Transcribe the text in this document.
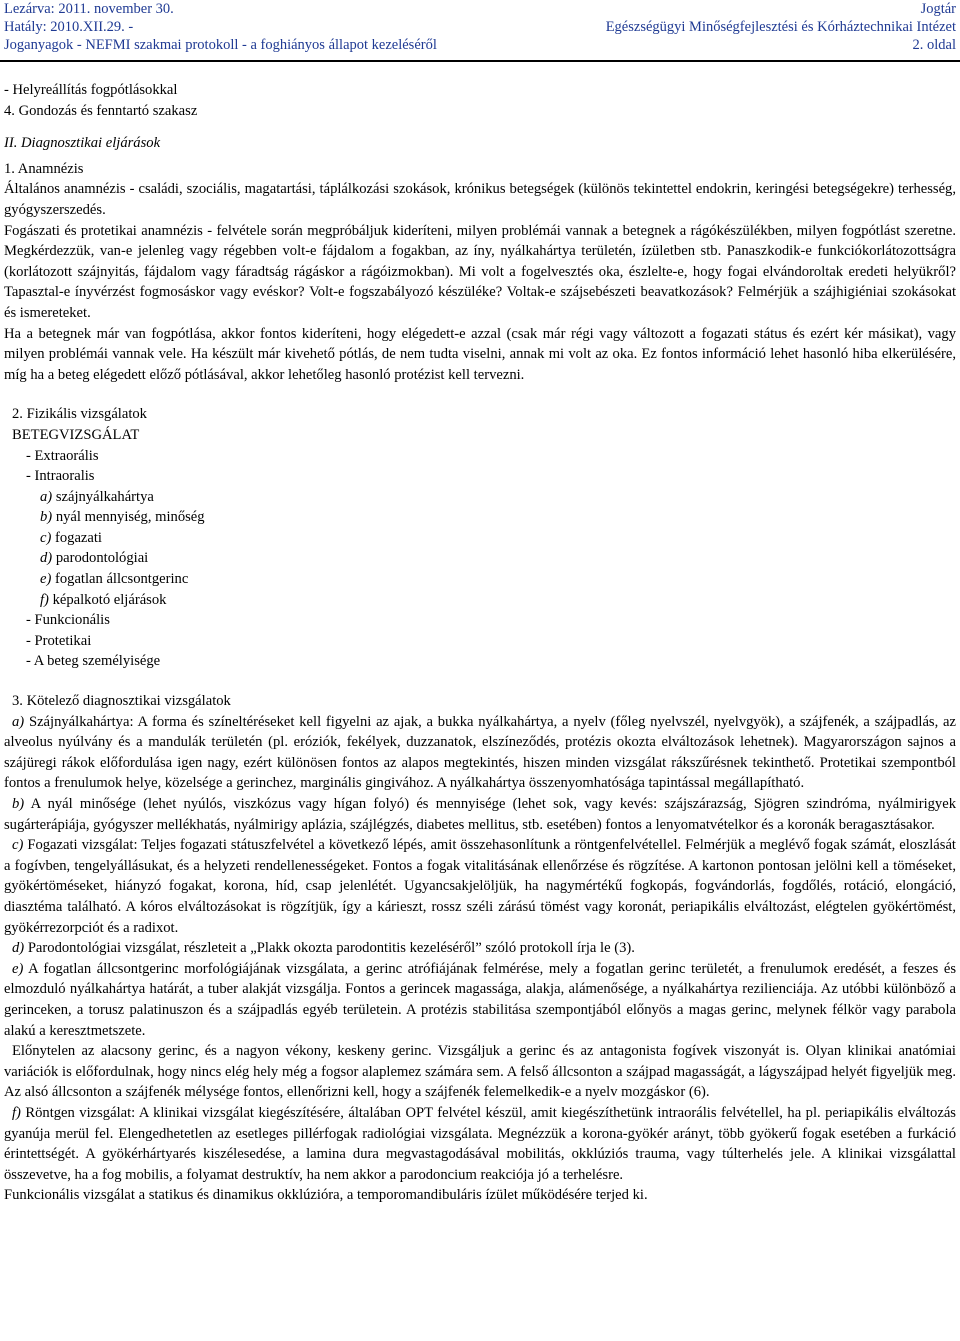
Lezárva: 2011. november 30.
Hatály: 2010.XII.29. -
Joganyagok - NEFMI szakmai protokoll - a foghiányos állapot kezeléséről
Jogtár
Egészségügyi Minőségfejlesztési és Kórháztechnikai Intézet
2. oldal

- Helyreállítás fogpótlásokkal

4. Gondozás és fenntartó szakasz

II. Diagnosztikai eljárások

1. Anamnézis

Általános anamnézis - családi, szociális, magatartási, táplálkozási szokások, krónikus betegségek (különös tekintettel endokrin, keringési betegségekre) terhesség, gyógyszerszedés.

Fogászati és protetikai anamnézis - felvétele során megpróbáljuk kideríteni, milyen problémái vannak a betegnek a rágókészülékben, milyen fogpótlást szeretne. Megkérdezzük, van-e jelenleg vagy régebben volt-e fájdalom a fogakban, az íny, nyálkahártya területén, ízületben stb. Panaszkodik-e funkciókorlátozottságra (korlátozott szájnyitás, fájdalom vagy fáradtság rágáskor a rágóizmokban). Mi volt a fogelvesztés oka, észlelte-e, hogy fogai elvándoroltak eredeti helyükről? Tapasztal-e ínyvérzést fogmosáskor vagy evéskor? Volt-e fogszabályozó készüléke? Voltak-e szájsebészeti beavatkozások? Felmérjük a szájhigiéniai szokásokat és ismereteket.

Ha a betegnek már van fogpótlása, akkor fontos kideríteni, hogy elégedett-e azzal (csak már régi vagy változott a fogazati státus és ezért kér másikat), vagy milyen problémái vannak vele. Ha készült már kivehető pótlás, de nem tudta viselni, annak mi volt az oka. Ez fontos információ lehet hasonló hiba elkerülésére, míg ha a beteg elégedett előző pótlásával, akkor lehetőleg hasonló protézist kell tervezni.

2. Fizikális vizsgálatok

BETEGVIZSGÁLAT

- Extraorális

- Intraoralis

a) szájnyálkahártya

b) nyál mennyiség, minőség

c) fogazati

d) parodontológiai

e) fogatlan állcsontgerinc

f) képalkotó eljárások

- Funkcionális

- Protetikai

- A beteg személyisége

3. Kötelező diagnosztikai vizsgálatok

a) Szájnyálkahártya: A forma és színeltéréseket kell figyelni az ajak, a bukka nyálkahártya, a nyelv (főleg nyelvszél, nyelvgyök), a szájfenék, a szájpadlás, az alveolus nyúlvány és a mandulák területén (pl. eróziók, fekélyek, duzzanatok, elszíneződés, protézis okozta elváltozások lehetnek). Magyarországon sajnos a szájüregi rákok előfordulása igen nagy, ezért különösen fontos az alapos megtekintés, hiszen minden vizsgálat rákszűrésnek tekinthető. Protetikai szempontból fontos a frenulumok helye, közelsége a gerinchez, marginális gingivához. A nyálkahártya összenyomhatósága tapintással megállapítható.

b) A nyál minősége (lehet nyúlós, viszkózus vagy hígan folyó) és mennyisége (lehet sok, vagy kevés: szájszárazság, Sjögren szindróma, nyálmirigyek sugárterápiája, gyógyszer mellékhatás, nyálmirigy aplázia, szájlégzés, diabetes mellitus, stb. esetében) fontos a lenyomatvételkor és a koronák beragasztásakor.

c) Fogazati vizsgálat: Teljes fogazati státuszfelvétel a következő lépés, amit összehasonlítunk a röntgenfelvétellel. Felmérjük a meglévő fogak számát, eloszlását a fogívben, tengelyállásukat, és a helyzeti rendellenességeket. Fontos a fogak vitalitásának ellenőrzése és rögzítése. A kartonon pontosan jelölni kell a töméseket, gyökértöméseket, hiányzó fogakat, korona, híd, csap jelenlétét. Ugyancsakjelöljük, ha nagymértékű fogkopás, fogvándorlás, fogdőlés, rotáció, elongáció, diasztéma található. A kóros elváltozásokat is rögzítjük, így a kárieszt, rossz széli zárású tömést vagy koronát, periapikális elváltozást, elégtelen gyökértömést, gyökérrezorpciót és a radixot.

d) Parodontológiai vizsgálat, részleteit a „Plakk okozta parodontitis kezeléséről” szóló protokoll írja le (3).

e) A fogatlan állcsontgerinc morfológiájának vizsgálata, a gerinc atrófiájának felmérése, mely a fogatlan gerinc területét, a frenulumok eredését, a feszes és elmozduló nyálkahártya határát, a tuber alakját vizsgálja. Fontos a gerincek magassága, alakja, alámenősége, a nyálkahártya rezilienciája. Az utóbbi különböző a gerinceken, a torusz palatinuszon és a szájpadlás egyéb területein. A protézis stabilitása szempontjából előnyös a magas gerinc, melynek félkör vagy parabola alakú a keresztmetszete.

Előnytelen az alacsony gerinc, és a nagyon vékony, keskeny gerinc. Vizsgáljuk a gerinc és az antagonista fogívek viszonyát is. Olyan klinikai anatómiai variációk is előfordulnak, hogy nincs elég hely még a fogsor alaplemez számára sem. A felső állcsonton a szájpad magasságát, a lágyszájpad helyét figyeljük meg. Az alsó állcsonton a szájfenék mélysége fontos, ellenőrizni kell, hogy a szájfenék felemelkedik-e a nyelv mozgáskor (6).

f) Röntgen vizsgálat: A klinikai vizsgálat kiegészítésére, általában OPT felvétel készül, amit kiegészíthetünk intraorális felvétellel, ha pl. periapikális elváltozás gyanúja merül fel. Elengedhetetlen az esetleges pillérfogak radiológiai vizsgálata. Megnézzük a korona-gyökér arányt, több gyökerű fogak esetében a furkáció érintettségét. A gyökérhártyarés kiszélesedése, a lamina dura megvastagodásával mobilitás, okklúziós trauma, vagy túlterhelés jele. A klinikai vizsgálattal összevetve, ha a fog mobilis, a folyamat destruktív, ha nem akkor a parodoncium reakciója jó a terhelésre.

Funkcionális vizsgálat a statikus és dinamikus okklúzióra, a temporomandibuláris ízület működésére terjed ki.
